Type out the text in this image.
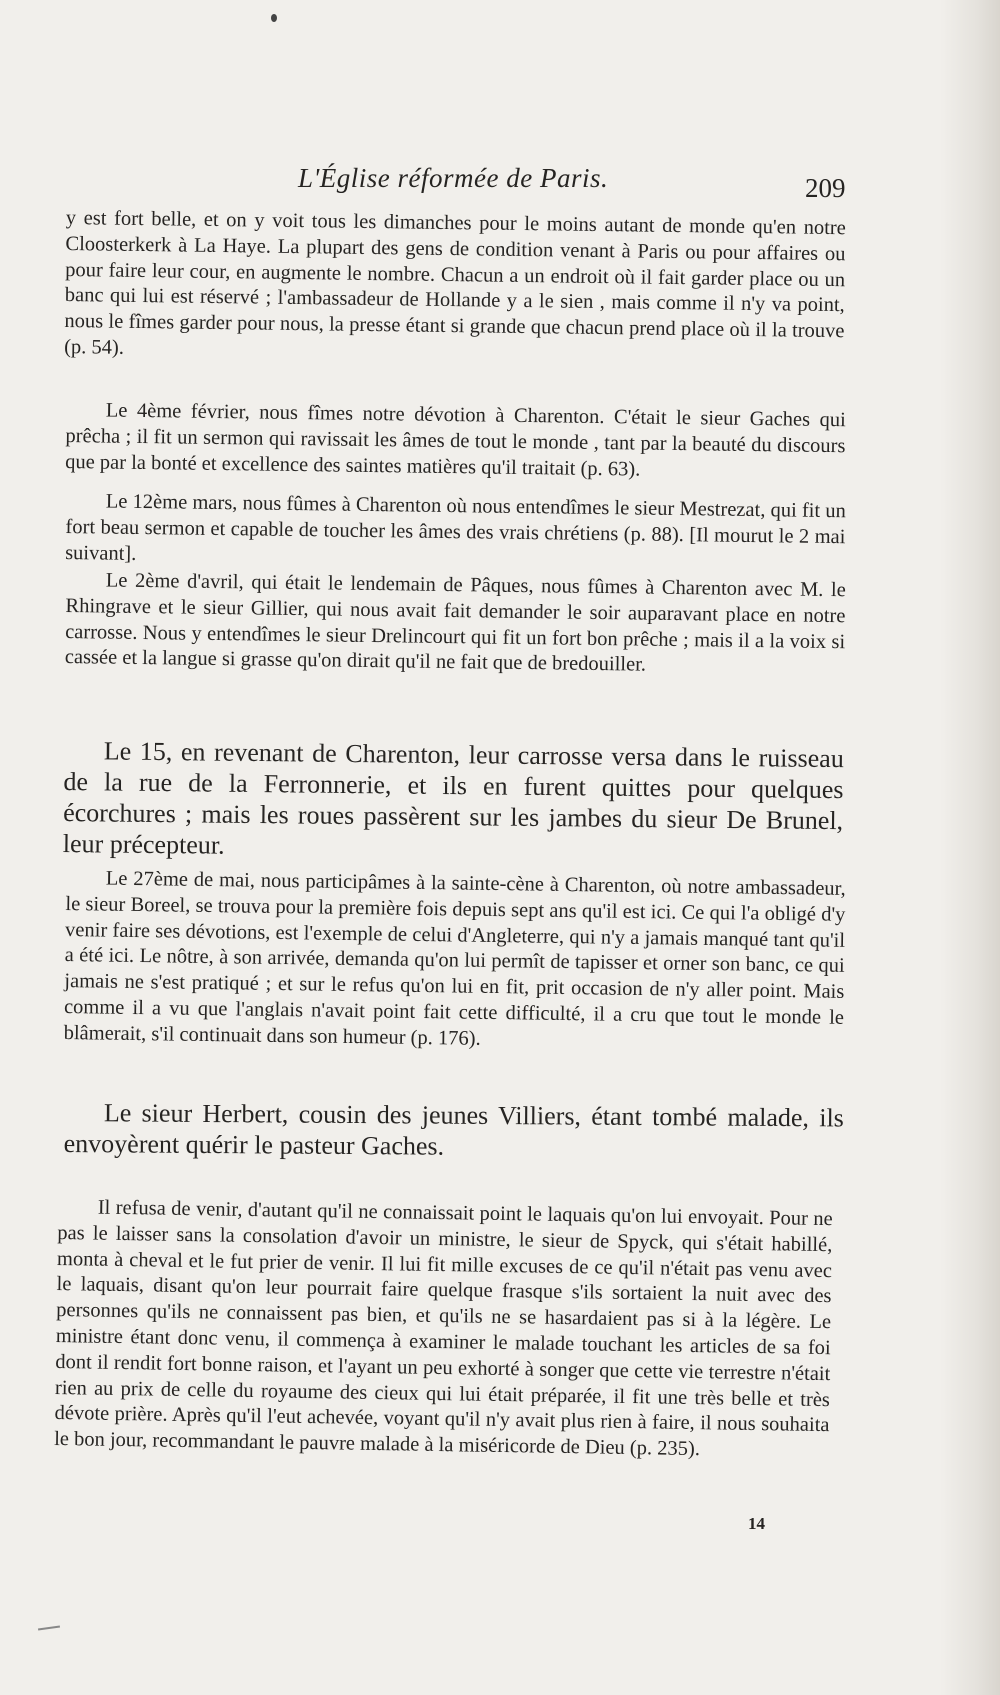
L'Église réformée de Paris.	209

y est fort belle, et on y voit tous les dimanches pour le moins autant de monde qu'en notre Cloosterkerk à La Haye. La plupart des gens de condition venant à Paris ou pour affaires ou pour faire leur cour, en augmente le nombre. Chacun a un endroit où il fait garder place ou un banc qui lui est réservé ; l'ambassadeur de Hollande y a le sien , mais comme il n'y va point, nous le fîmes garder pour nous, la presse étant si grande que chacun prend place où il la trouve (p. 54).

Le 4ème février, nous fîmes notre dévotion à Charenton. C'était le sieur Gaches qui prêcha ; il fit un sermon qui ravissait les âmes de tout le monde , tant par la beauté du discours que par la bonté et excellence des saintes matières qu'il traitait (p. 63).

Le 12ème mars, nous fûmes à Charenton où nous entendîmes le sieur Mestrezat, qui fit un fort beau sermon et capable de toucher les âmes des vrais chrétiens (p. 88). [Il mourut le 2 mai suivant].

Le 2ème d'avril, qui était le lendemain de Pâques, nous fûmes à Charenton avec M. le Rhingrave et le sieur Gillier, qui nous avait fait demander le soir auparavant place en notre carrosse. Nous y entendîmes le sieur Drelincourt qui fit un fort bon prêche ; mais il a la voix si cassée et la langue si grasse qu'on dirait qu'il ne fait que de bredouiller.

Le 15, en revenant de Charenton, leur carrosse versa dans le ruisseau de la rue de la Ferronnerie, et ils en furent quittes pour quelques écorchures ; mais les roues passèrent sur les jambes du sieur De Brunel, leur précepteur.

Le 27ème de mai, nous participâmes à la sainte-cène à Charenton, où notre ambassadeur, le sieur Boreel, se trouva pour la première fois depuis sept ans qu'il est ici. Ce qui l'a obligé d'y venir faire ses dévotions, est l'exemple de celui d'Angleterre, qui n'y a jamais manqué tant qu'il a été ici. Le nôtre, à son arrivée, demanda qu'on lui permît de tapisser et orner son banc, ce qui jamais ne s'est pratiqué ; et sur le refus qu'on lui en fit, prit occasion de n'y aller point. Mais comme il a vu que l'anglais n'avait point fait cette difficulté, il a cru que tout le monde le blâmerait, s'il continuait dans son humeur (p. 176).

Le sieur Herbert, cousin des jeunes Villiers, étant tombé malade, ils envoyèrent quérir le pasteur Gaches.

Il refusa de venir, d'autant qu'il ne connaissait point le laquais qu'on lui envoyait. Pour ne pas le laisser sans la consolation d'avoir un ministre, le sieur de Spyck, qui s'était habillé, monta à cheval et le fut prier de venir. Il lui fit mille excuses de ce qu'il n'était pas venu avec le laquais, disant qu'on leur pourrait faire quelque frasque s'ils sortaient la nuit avec des personnes qu'ils ne connaissent pas bien, et qu'ils ne se hasardaient pas si à la légère. Le ministre étant donc venu, il commença à examiner le malade touchant les articles de sa foi dont il rendit fort bonne raison, et l'ayant un peu exhorté à songer que cette vie terrestre n'était rien au prix de celle du royaume des cieux qui lui était préparée, il fit une très belle et très dévote prière. Après qu'il l'eut achevée, voyant qu'il n'y avait plus rien à faire, il nous souhaita le bon jour, recommandant le pauvre malade à la miséricorde de Dieu (p. 235).

14
